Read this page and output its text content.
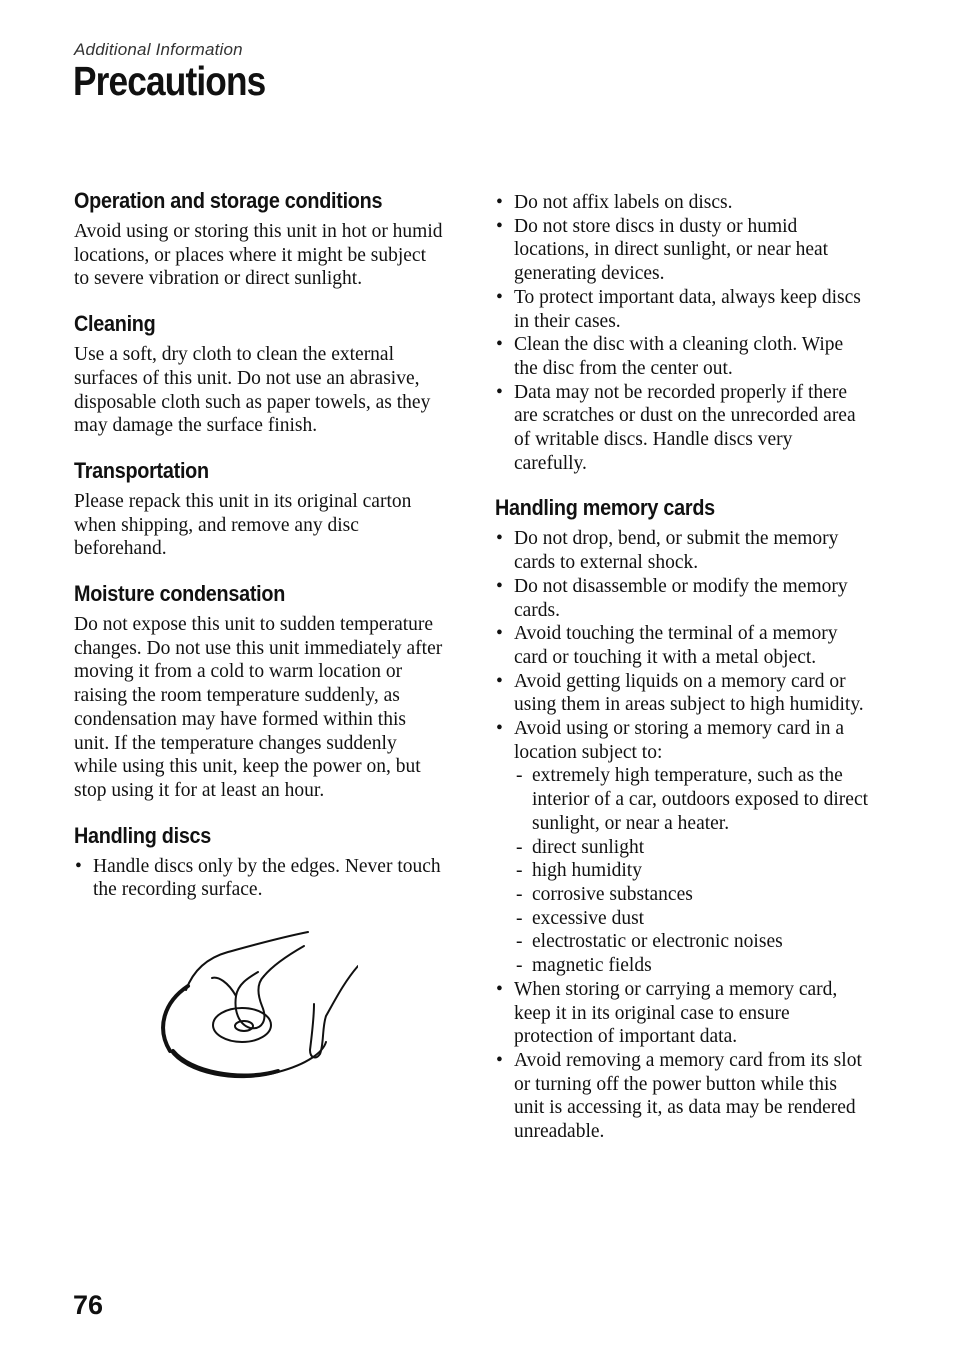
Additional Information
Precautions
Operation and storage conditions

Avoid using or storing this unit in hot or humid locations, or places where it might be subject to severe vibration or direct sunlight.

Cleaning

Use a soft, dry cloth to clean the external surfaces of this unit. Do not use an abrasive, disposable cloth such as paper towels, as they may damage the surface finish.

Transportation

Please repack this unit in its original carton when shipping, and remove any disc beforehand.

Moisture condensation

Do not expose this unit to sudden temperature changes. Do not use this unit immediately after moving it from a cold to warm location or raising the room temperature suddenly, as condensation may have formed within this unit. If the temperature changes suddenly while using this unit, keep the power on, but stop using it for at least an hour.

Handling discs
• Handle discs only by the edges. Never touch the recording surface.
• Do not affix labels on discs.
• Do not store discs in dusty or humid locations, in direct sunlight, or near heat generating devices.
• To protect important data, always keep discs in their cases.
• Clean the disc with a cleaning cloth. Wipe the disc from the center out.
• Data may not be recorded properly if there are scratches or dust on the unrecorded area of writable discs. Handle discs very carefully.
Handling memory cards
• Do not drop, bend, or submit the memory cards to external shock.
• Do not disassemble or modify the memory cards.
• Avoid touching the terminal of a memory card or touching it with a metal object.
• Avoid getting liquids on a memory card or using them in areas subject to high humidity.
• Avoid using or storing a memory card in a location subject to:
- extremely high temperature, such as the interior of a car, outdoors exposed to direct sunlight, or near a heater.
- direct sunlight
- high humidity
- corrosive substances
- excessive dust
- electrostatic or electronic noises
- magnetic fields
• When storing or carrying a memory card, keep it in its original case to ensure protection of important data.
• Avoid removing a memory card from its slot or turning off the power button while this unit is accessing it, as data may be rendered unreadable.
76
